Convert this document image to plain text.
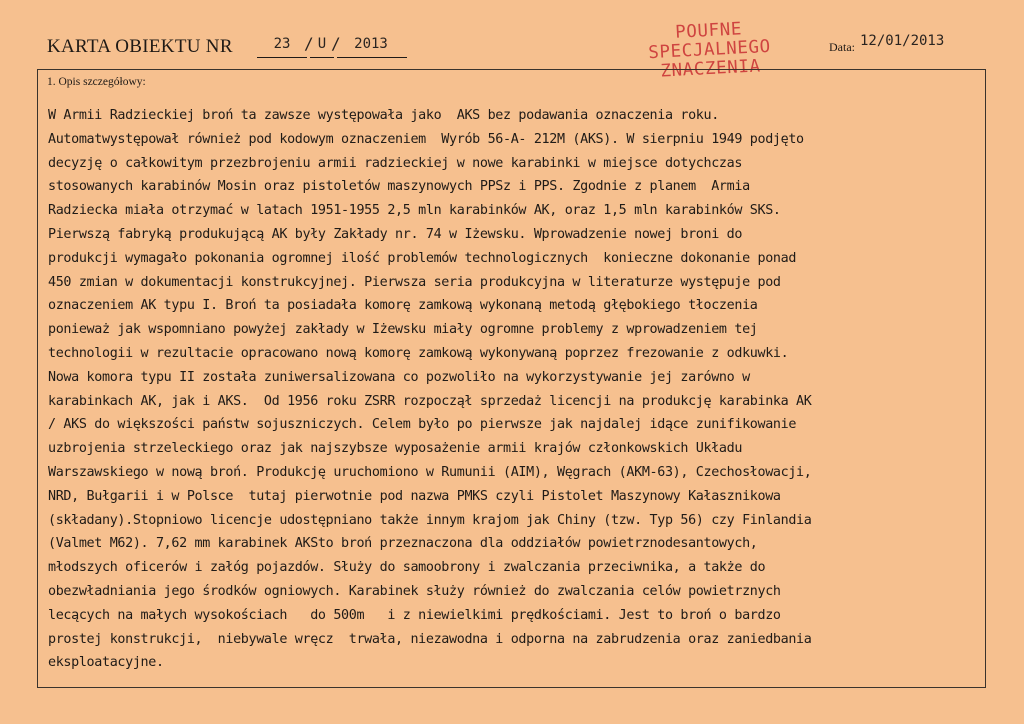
KARTA OBIEKTU NR	23 / U / 2013
POUFNE
SPECJALNEGO
ZNACZENIA
Data: 12/01/2013
1. Opis szczegółowy:
W Armii Radzieckiej broń ta zawsze występowała jako  AKS bez podawania oznaczenia roku.
Automatwystępował również pod kodowym oznaczeniem  Wyrób 56-A- 212M (AKS). W sierpniu 1949 podjęto
decyzję o całkowitym przezbrojeniu armii radzieckiej w nowe karabinki w miejsce dotychczas
stosowanych karabinów Mosin oraz pistoletów maszynowych PPSz i PPS. Zgodnie z planem  Armia
Radziecka miała otrzymać w latach 1951-1955 2,5 mln karabinków AK, oraz 1,5 mln karabinków SKS.
Pierwszą fabryką produkującą AK były Zakłady nr. 74 w Iżewsku. Wprowadzenie nowej broni do
produkcji wymagało pokonania ogromnej ilość problemów technologicznych  konieczne dokonanie ponad
450 zmian w dokumentacji konstrukcyjnej. Pierwsza seria produkcyjna w literaturze występuje pod
oznaczeniem AK typu I. Broń ta posiadała komorę zamkową wykonaną metodą głębokiego tłoczenia
ponieważ jak wspomniano powyżej zakłady w Iżewsku miały ogromne problemy z wprowadzeniem tej
technologii w rezultacie opracowano nową komorę zamkową wykonywaną poprzez frezowanie z odkuwki.
Nowa komora typu II została zuniwersalizowana co pozwoliło na wykorzystywanie jej zarówno w
karabinkach AK, jak i AKS.  Od 1956 roku ZSRR rozpoczął sprzedaż licencji na produkcję karabinka AK
/ AKS do większości państw sojuszniczych. Celem było po pierwsze jak najdalej idące zunifikowanie
uzbrojenia strzeleckiego oraz jak najszybsze wyposażenie armii krajów członkowskich Układu
Warszawskiego w nową broń. Produkcję uruchomiono w Rumunii (AIM), Węgrach (AKM-63), Czechosłowacji,
NRD, Bułgarii i w Polsce  tutaj pierwotnie pod nazwa PMKS czyli Pistolet Maszynowy Kałasznikowa
(składany).Stopniowo licencje udostępniano także innym krajom jak Chiny (tzw. Typ 56) czy Finlandia
(Valmet M62). 7,62 mm karabinek AKSto broń przeznaczona dla oddziałów powietrznodesantowych,
młodszych oficerów i załóg pojazdów. Służy do samoobrony i zwalczania przeciwnika, a także do
obezwładniania jego środków ogniowych. Karabinek służy również do zwalczania celów powietrznych
lecących na małych wysokościach   do 500m   i z niewielkimi prędkościami. Jest to broń o bardzo
prostej konstrukcji,  niebywale wręcz  trwała, niezawodna i odporna na zabrudzenia oraz zaniedbania
eksploatacyjne.
